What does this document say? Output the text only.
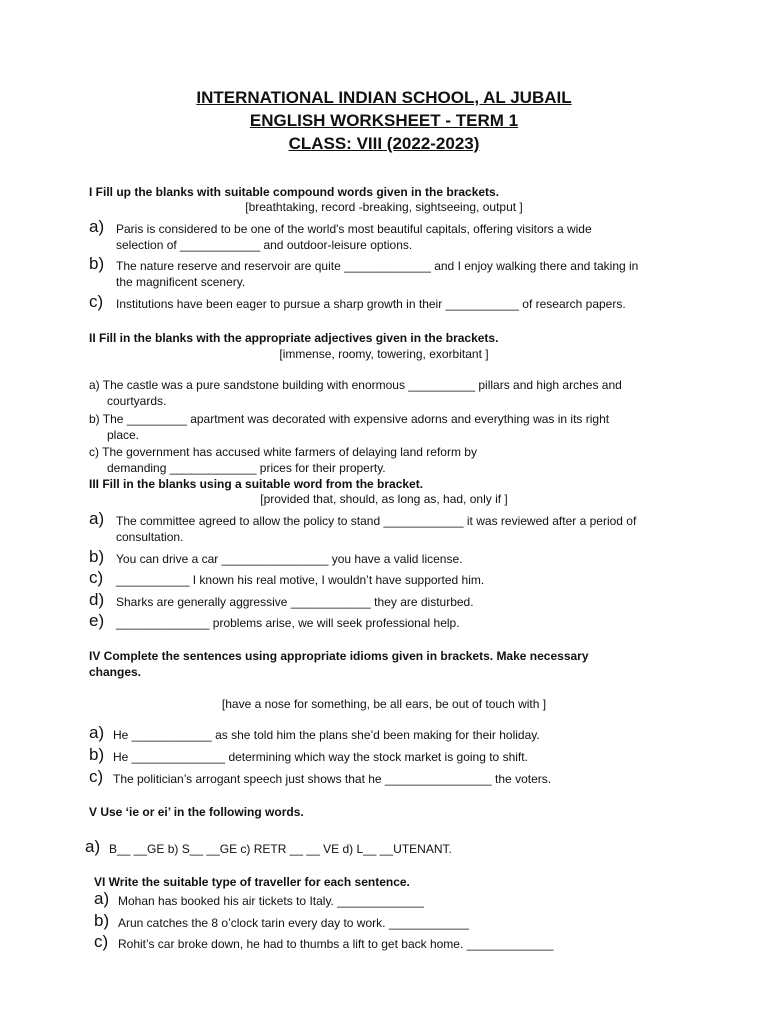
INTERNATIONAL INDIAN SCHOOL, AL JUBAIL
ENGLISH WORKSHEET - TERM 1
CLASS: VIII (2022-2023)
I Fill up the blanks with suitable compound words given in the brackets.
[breathtaking, record -breaking, sightseeing, output ]
a) Paris is considered to be one of the world's most beautiful capitals, offering visitors a wide
selection of ____________ and outdoor-leisure options.
b) The nature reserve and reservoir are quite _____________ and I enjoy walking there and taking in
the magnificent scenery.
c) Institutions have been eager to pursue a sharp growth in their ___________ of research papers.
II Fill in the blanks with the appropriate adjectives given in the brackets.
[immense, roomy, towering, exorbitant ]
a) The castle was a pure sandstone building with enormous __________ pillars and high arches and
courtyards.
b) The _________ apartment was decorated with expensive adorns and everything was in its right
place.
c) The government has accused white farmers of delaying land reform by
demanding _____________ prices for their property.
III Fill in the blanks using a suitable word from the bracket.
[provided that, should, as long as, had, only if ]
a) The committee agreed to allow the policy to stand ____________ it was reviewed after a period of
consultation.
b) You can drive a car ________________ you have a valid license.
c) ___________ I known his real motive, I wouldn’t have supported him.
d) Sharks are generally aggressive ____________ they are disturbed.
e) ______________ problems arise, we will seek professional help.
IV Complete the sentences using appropriate idioms given in brackets. Make necessary
changes.
[have a nose for something, be all ears, be out of touch with ]
a) He ____________ as she told him the plans she’d been making for their holiday.
b) He ______________ determining which way the stock market is going to shift.
c) The politician’s arrogant speech just shows that he ________________ the voters.
V Use ‘ie or ei’ in the following words.
a) B__ __GE b) S__ __GE c) RETR __ __ VE d) L__ __UTENANT.
VI Write the suitable type of traveller for each sentence.
a) Mohan has booked his air tickets to Italy. _____________
b) Arun catches the 8 o’clock tarin every day to work. ____________
c) Rohit’s car broke down, he had to thumbs a lift to get back home. _____________
